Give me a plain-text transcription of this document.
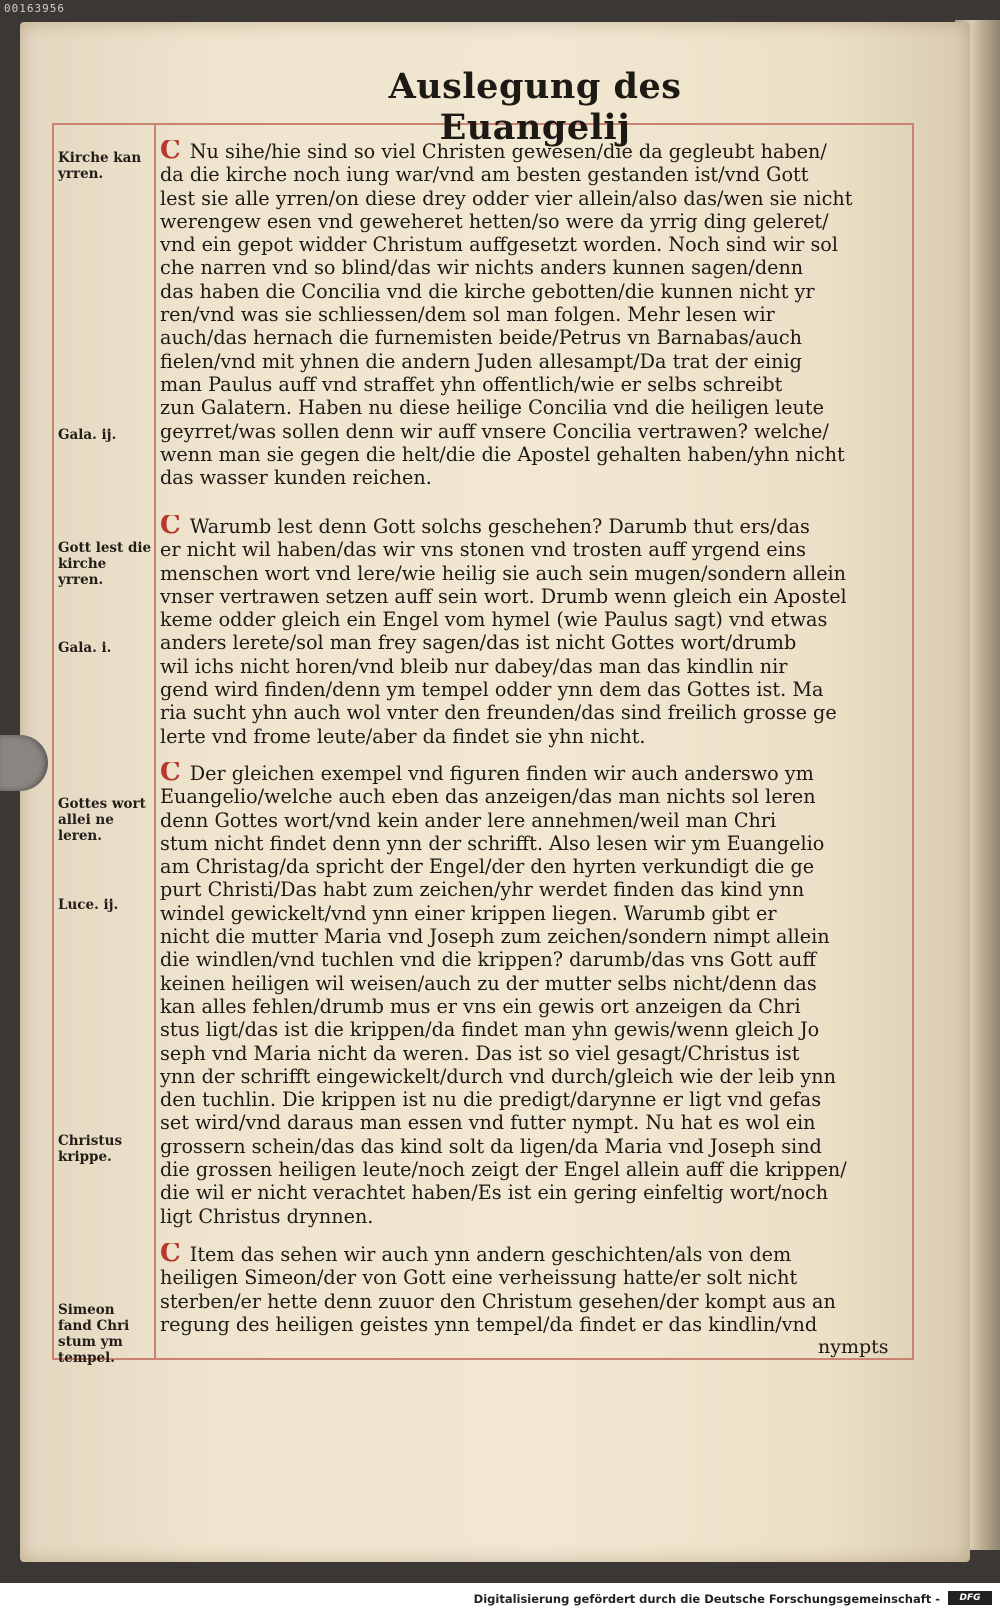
00163956
Auslegung des Euangelij
Kirche kan yrren.
Gala. ij.
Gott lest die kirche yrren.
Gala. i.
Gottes wort allei ne leren.
Luce. ij.
Christus krippe.
Simeon fand Chri stum ym tempel.
C Nu sihe/hie sind so viel Christen gewesen/die da gegleubt haben/
da die kirche noch iung war/vnd am besten gestanden ist/vnd Gott
lest sie alle yrren/on diese drey odder vier allein/also das/wen sie nicht
werengew esen vnd geweheret hetten/so were da yrrig ding geleret/
vnd ein gepot widder Christum auffgesetzt worden. Noch sind wir sol
che narren vnd so blind/das wir nichts anders kunnen sagen/denn
das haben die Concilia vnd die kirche gebotten/die kunnen nicht yr
ren/vnd was sie schliessen/dem sol man folgen. Mehr lesen wir
auch/das hernach die furnemisten beide/Petrus vn Barnabas/auch
fielen/vnd mit yhnen die andern Juden allesampt/Da trat der einig
man Paulus auff vnd straffet yhn offentlich/wie er selbs schreibt
zun Galatern. Haben nu diese heilige Concilia vnd die heiligen leute
geyrret/was sollen denn wir auff vnsere Concilia vertrawen? welche/
wenn man sie gegen die helt/die die Apostel gehalten haben/yhn nicht
das wasser kunden reichen.
C Warumb lest denn Gott solchs geschehen? Darumb thut ers/das
er nicht wil haben/das wir vns stonen vnd trosten auff yrgend eins
menschen wort vnd lere/wie heilig sie auch sein mugen/sondern allein
vnser vertrawen setzen auff sein wort. Drumb wenn gleich ein Apostel
keme odder gleich ein Engel vom hymel (wie Paulus sagt) vnd etwas
anders lerete/sol man frey sagen/das ist nicht Gottes wort/drumb
wil ichs nicht horen/vnd bleib nur dabey/das man das kindlin nir
gend wird finden/denn ym tempel odder ynn dem das Gottes ist. Ma
ria sucht yhn auch wol vnter den freunden/das sind freilich grosse ge
lerte vnd frome leute/aber da findet sie yhn nicht.
C Der gleichen exempel vnd figuren finden wir auch anderswo ym
Euangelio/welche auch eben das anzeigen/das man nichts sol leren
denn Gottes wort/vnd kein ander lere annehmen/weil man Chri
stum nicht findet denn ynn der schrifft. Also lesen wir ym Euangelio
am Christag/da spricht der Engel/der den hyrten verkundigt die ge
purt Christi/Das habt zum zeichen/yhr werdet finden das kind ynn
windel gewickelt/vnd ynn einer krippen liegen. Warumb gibt er
nicht die mutter Maria vnd Joseph zum zeichen/sondern nimpt allein
die windlen/vnd tuchlen vnd die krippen? darumb/das vns Gott auff
keinen heiligen wil weisen/auch zu der mutter selbs nicht/denn das
kan alles fehlen/drumb mus er vns ein gewis ort anzeigen da Chri
stus ligt/das ist die krippen/da findet man yhn gewis/wenn gleich Jo
seph vnd Maria nicht da weren. Das ist so viel gesagt/Christus ist
ynn der schrifft eingewickelt/durch vnd durch/gleich wie der leib ynn
den tuchlin. Die krippen ist nu die predigt/darynne er ligt vnd gefas
set wird/vnd daraus man essen vnd futter nympt. Nu hat es wol ein
grossern schein/das das kind solt da ligen/da Maria vnd Joseph sind
die grossen heiligen leute/noch zeigt der Engel allein auff die krippen/
die wil er nicht verachtet haben/Es ist ein gering einfeltig wort/noch
ligt Christus drynnen.
C Item das sehen wir auch ynn andern geschichten/als von dem
heiligen Simeon/der von Gott eine verheissung hatte/er solt nicht
sterben/er hette denn zuuor den Christum gesehen/der kompt aus an
regung des heiligen geistes ynn tempel/da findet er das kindlin/vnd
nympts
Digitalisierung gefördert durch die Deutsche Forschungsgemeinschaft -	DFG
